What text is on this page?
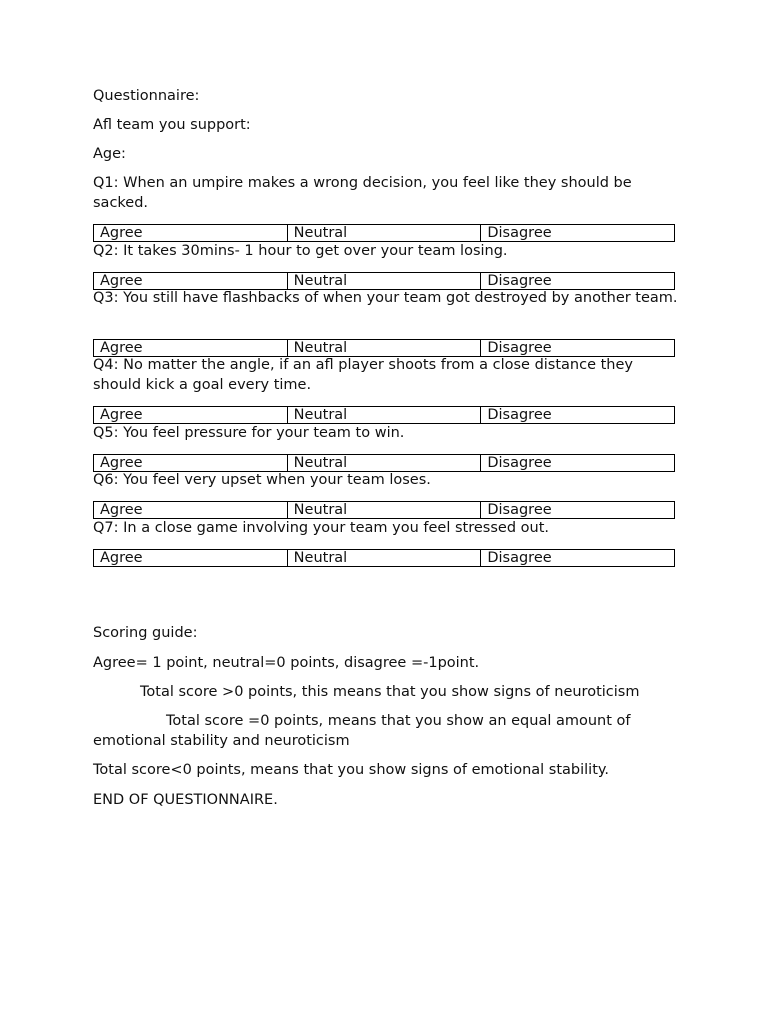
Questionnaire:

Afl team you support:

Age:

Q1: When an umpire makes a wrong decision, you feel like they should be sacked.

Agree	Neutral	Disagree

Q2: It takes 30mins- 1 hour to get over your team losing.

Agree	Neutral	Disagree

Q3: You still have flashbacks of when your team got destroyed by another team.

Agree	Neutral	Disagree

Q4: No matter the angle, if an afl player shoots from a close distance they should kick a goal every time.

Agree	Neutral	Disagree

Q5: You feel pressure for your team to win.

Agree	Neutral	Disagree

Q6: You feel very upset when your team loses.

Agree	Neutral	Disagree

Q7: In a close game involving your team you feel stressed out.

Agree	Neutral	Disagree

Scoring guide:

Agree= 1 point, neutral=0 points, disagree =-1point.

Total score >0 points, this means that you show signs of neuroticism

Total score =0 points, means that you show an equal amount of emotional stability and neuroticism

Total score<0 points, means that you show signs of emotional stability.

END OF QUESTIONNAIRE.
